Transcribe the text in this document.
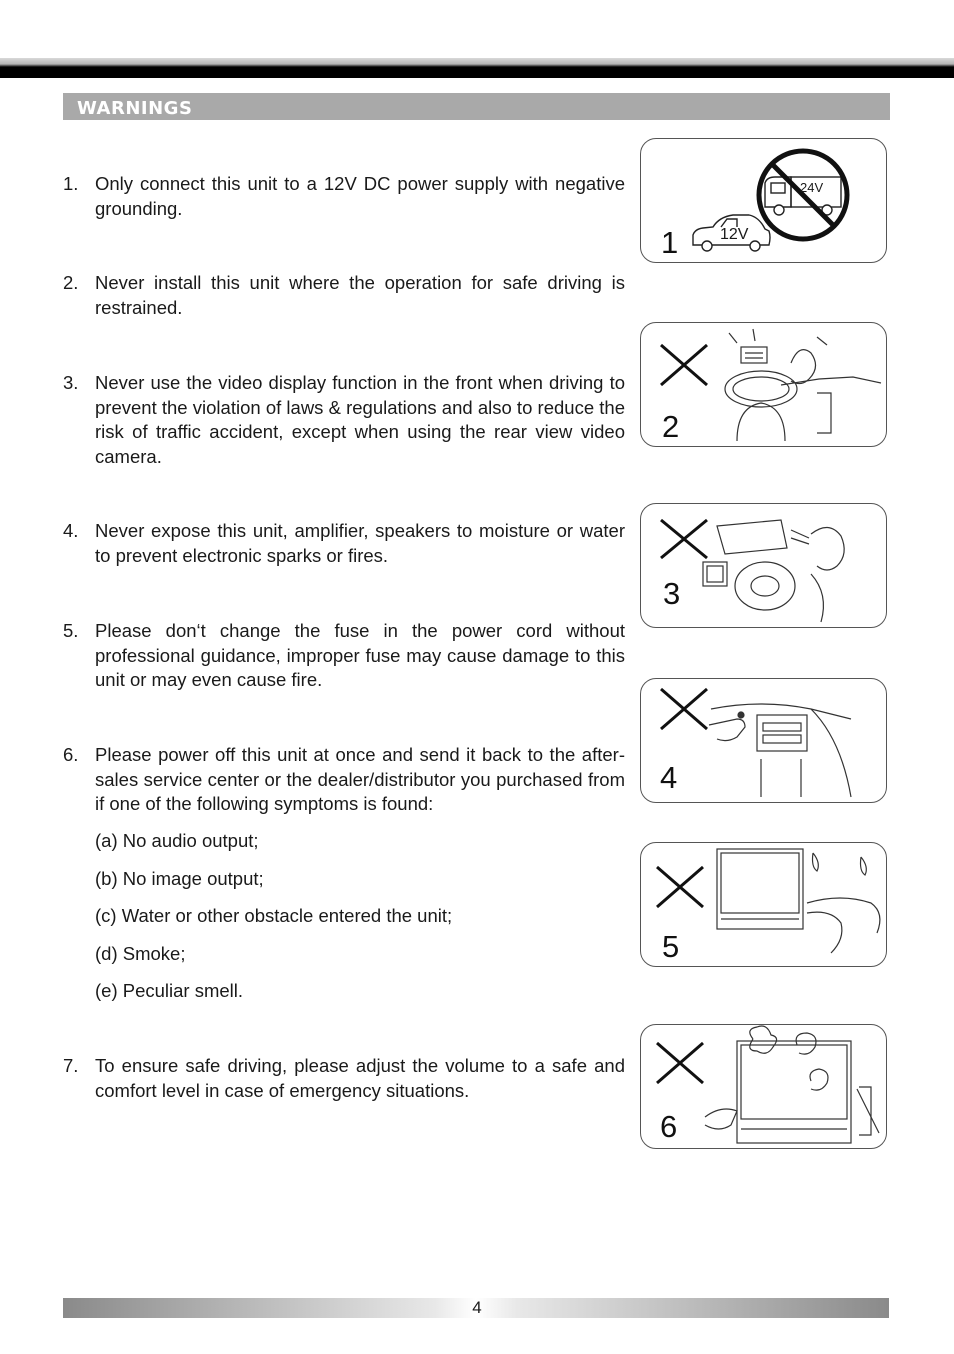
WARNINGS
1. Only connect this unit to a 12V DC power supply with negative grounding.
2. Never install this unit where the operation for safe driving is restrained.
3. Never use the video display function in the front when driving to prevent the violation of laws & regulations and also to reduce the risk of traffic accident, except when using the rear view video camera.
4. Never expose this unit, amplifier, speakers to moisture or water to prevent electronic sparks or fires.
5. Please don‘t change the fuse in the power cord without professional guidance, improper fuse may cause damage to this unit or may even cause fire.
6. Please power off this unit at once and send it back to the after-sales service center or the dealer/distributor you purchased from if one of the following symptoms is found:
(a) No audio output;
(b) No image output;
(c) Water or other obstacle entered the unit;
(d) Smoke;
(e) Peculiar smell.
7. To ensure safe driving, please adjust the volume to a safe and comfort level in case of emergency situations.
1	12V
24V
2
3
4
5
6
4
